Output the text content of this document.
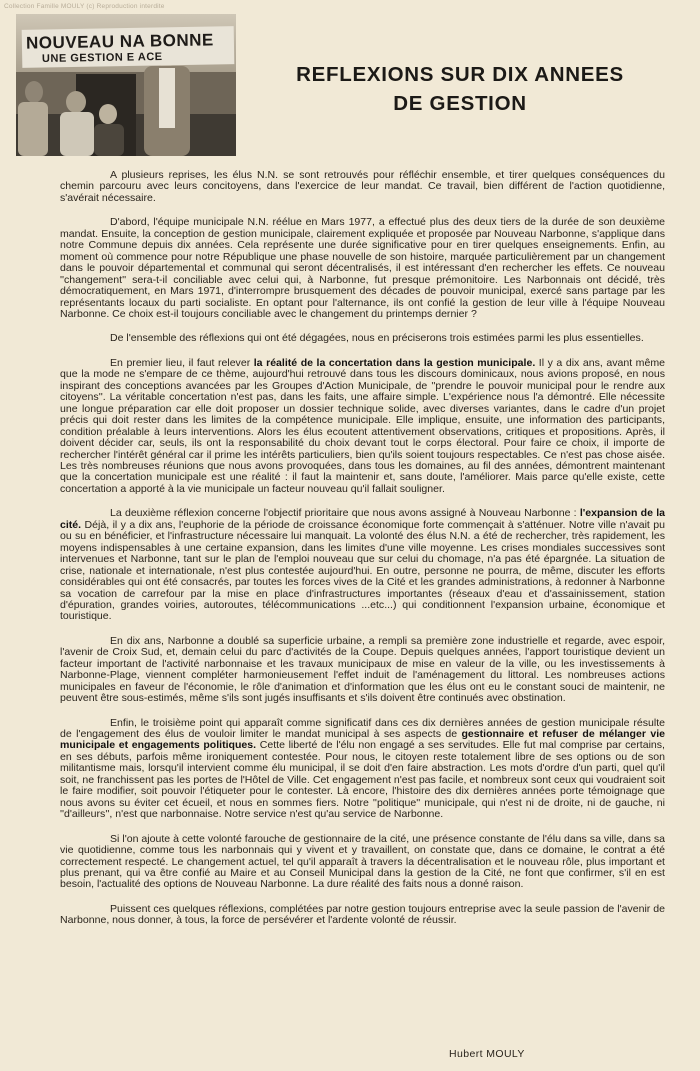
Collection Famille MOULY (c) Reproduction interdite
NOUVEAU NA BONNE
UNE GESTION E ACE
REFLEXIONS SUR DIX ANNEES
DE GESTION

A plusieurs reprises, les élus N.N. se sont retrouvés pour réfléchir ensemble, et tirer quelques conséquences du chemin parcouru avec leurs concitoyens, dans l'exercice de leur mandat. Ce travail, bien différent de l'action quotidienne, s'avérait nécessaire.

D'abord, l'équipe municipale N.N. réélue en Mars 1977, a effectué plus des deux tiers de la durée de son deuxième mandat. Ensuite, la conception de gestion municipale, clairement expliquée et proposée par Nouveau Narbonne, s'applique dans notre Commune depuis dix années. Cela représente une durée significative pour en tirer quelques enseignements. Enfin, au moment où commence pour notre République une phase nouvelle de son histoire, marquée particulièrement par un changement dans le pouvoir départemental et communal qui seront décentralisés, il est intéressant d'en rechercher les effets. Ce nouveau ''changement'' sera-t-il conciliable avec celui qui, à Narbonne, fut presque prémonitoire. Les Narbonnais ont décidé, très démocratiquement, en Mars 1971, d'interrompre brusquement des décades de pouvoir municipal, exercé sans partage par les représentants locaux du parti socialiste. En optant pour l'alternance, ils ont confié la gestion de leur ville à l'équipe Nouveau Narbonne. Ce choix est-il toujours conciliable avec le changement du printemps dernier ?

De l'ensemble des réflexions qui ont été dégagées, nous en préciserons trois estimées parmi les plus essentielles.

En premier lieu, il faut relever la réalité de la concertation dans la gestion municipale. Il y a dix ans, avant même que la mode ne s'empare de ce thème, aujourd'hui retrouvé dans tous les discours dominicaux, nous avions proposé, en nous inspirant des conceptions avancées par les Groupes d'Action Municipale, de ''prendre le pouvoir municipal pour le rendre aux citoyens''. La véritable concertation n'est pas, dans les faits, une affaire simple. L'expérience nous l'a démontré. Elle nécessite une longue préparation car elle doit proposer un dossier technique solide, avec diverses variantes, dans le cadre d'un projet précis qui doit rester dans les limites de la compétence municipale. Elle implique, ensuite, une information des participants, condition préalable à leurs interventions. Alors les élus ecoutent attentivement observations, critiques et propositions. Après, il doivent décider car, seuls, ils ont la responsabilité du choix devant tout le corps électoral. Pour faire ce choix, il importe de rechercher l'intérêt général car il prime les intérêts particuliers, bien qu'ils soient toujours respectables. Ce n'est pas chose aisée. Les très nombreuses réunions que nous avons provoquées, dans tous les domaines, au fil des années, démontrent maintenant que la concertation municipale est une réalité : il faut la maintenir et, sans doute, l'améliorer. Mais parce qu'elle existe, cette concertation a apporté à la vie municipale un facteur nouveau qu'il fallait souligner.

La deuxième réflexion concerne l'objectif prioritaire que nous avons assigné à Nouveau Narbonne : l'expansion de la cité. Déjà, il y a dix ans, l'euphorie de la période de croissance économique forte commençait à s'atténuer. Notre ville n'avait pu ou su en bénéficier, et l'infrastructure nécessaire lui manquait. La volonté des élus N.N. a été de rechercher, très rapidement, les moyens indispensables à une certaine expansion, dans les limites d'une ville moyenne. Les crises mondiales successives sont intervenues et Narbonne, tant sur le plan de l'emploi nouveau que sur celui du chomage, n'a pas été épargnée. La situation de crise, nationale et internationale, n'est plus contestée aujourd'hui. En outre, personne ne pourra, de même, discuter les efforts considérables qui ont été consacrés, par toutes les forces vives de la Cité et les grandes administrations, à redonner à Narbonne sa vocation de carrefour par la mise en place d'infrastructures importantes (réseaux d'eau et d'assainissement, station d'épuration, grandes voiries, autoroutes, télécommunications ...etc...) qui conditionnent l'expansion urbaine, économique et touristique.

En dix ans, Narbonne a doublé sa superficie urbaine, a rempli sa première zone industrielle et regarde, avec espoir, l'avenir de Croix Sud, et, demain celui du parc d'activités de la Coupe. Depuis quelques années, l'apport touristique devient un facteur important de l'activité narbonnaise et les travaux municipaux de mise en valeur de la ville, ou les investissements à Narbonne-Plage, viennent compléter harmonieusement l'effet induit de l'aménagement du littoral. Les nombreuses actions municipales en faveur de l'économie, le rôle d'animation et d'information que les élus ont eu le constant souci de maintenir, ne peuvent être sous-estimés, même s'ils sont jugés insuffisants et s'ils doivent être continués avec obstination.

Enfin, le troisième point qui apparaît comme significatif dans ces dix dernières années de gestion municipale résulte de l'engagement des élus de vouloir limiter le mandat municipal à ses aspects de gestionnaire et refuser de mélanger vie municipale et engagements politiques. Cette liberté de l'élu non engagé a ses servitudes. Elle fut mal comprise par certains, en ses débuts, parfois même ironiquement contestée. Pour nous, le citoyen reste totalement libre de ses options ou de son militantisme mais, lorsqu'il intervient comme élu municipal, il se doit d'en faire abstraction. Les mots d'ordre d'un parti, quel qu'il soit, ne franchissent pas les portes de l'Hôtel de Ville. Cet engagement n'est pas facile, et nombreux sont ceux qui voudraient soit le faire modifier, soit pouvoir l'étiqueter pour le contester. Là encore, l'histoire des dix dernières années porte témoignage que nous avons su éviter cet écueil, et nous en sommes fiers. Notre ''politique'' municipale, qui n'est ni de droite, ni de gauche, ni ''d'ailleurs'', n'est que narbonnaise. Notre service n'est qu'au service de Narbonne.

Si l'on ajoute à cette volonté farouche de gestionnaire de la cité, une présence constante de l'élu dans sa ville, dans sa vie quotidienne, comme tous les narbonnais qui y vivent et y travaillent, on constate que, dans ce domaine, le contrat a été correctement respecté. Le changement actuel, tel qu'il apparaît à travers la décentralisation et le nouveau rôle, plus important et plus prenant, qui va être confié au Maire et au Conseil Municipal dans la gestion de la Cité, ne font que confirmer, s'il en est besoin, l'actualité des options de Nouveau Narbonne. La dure réalité des faits nous a donné raison.

Puissent ces quelques réflexions, complétées par notre gestion toujours entreprise avec la seule passion de l'avenir de Narbonne, nous donner, à tous, la force de persévérer et l'ardente volonté de réussir.

Hubert MOULY
